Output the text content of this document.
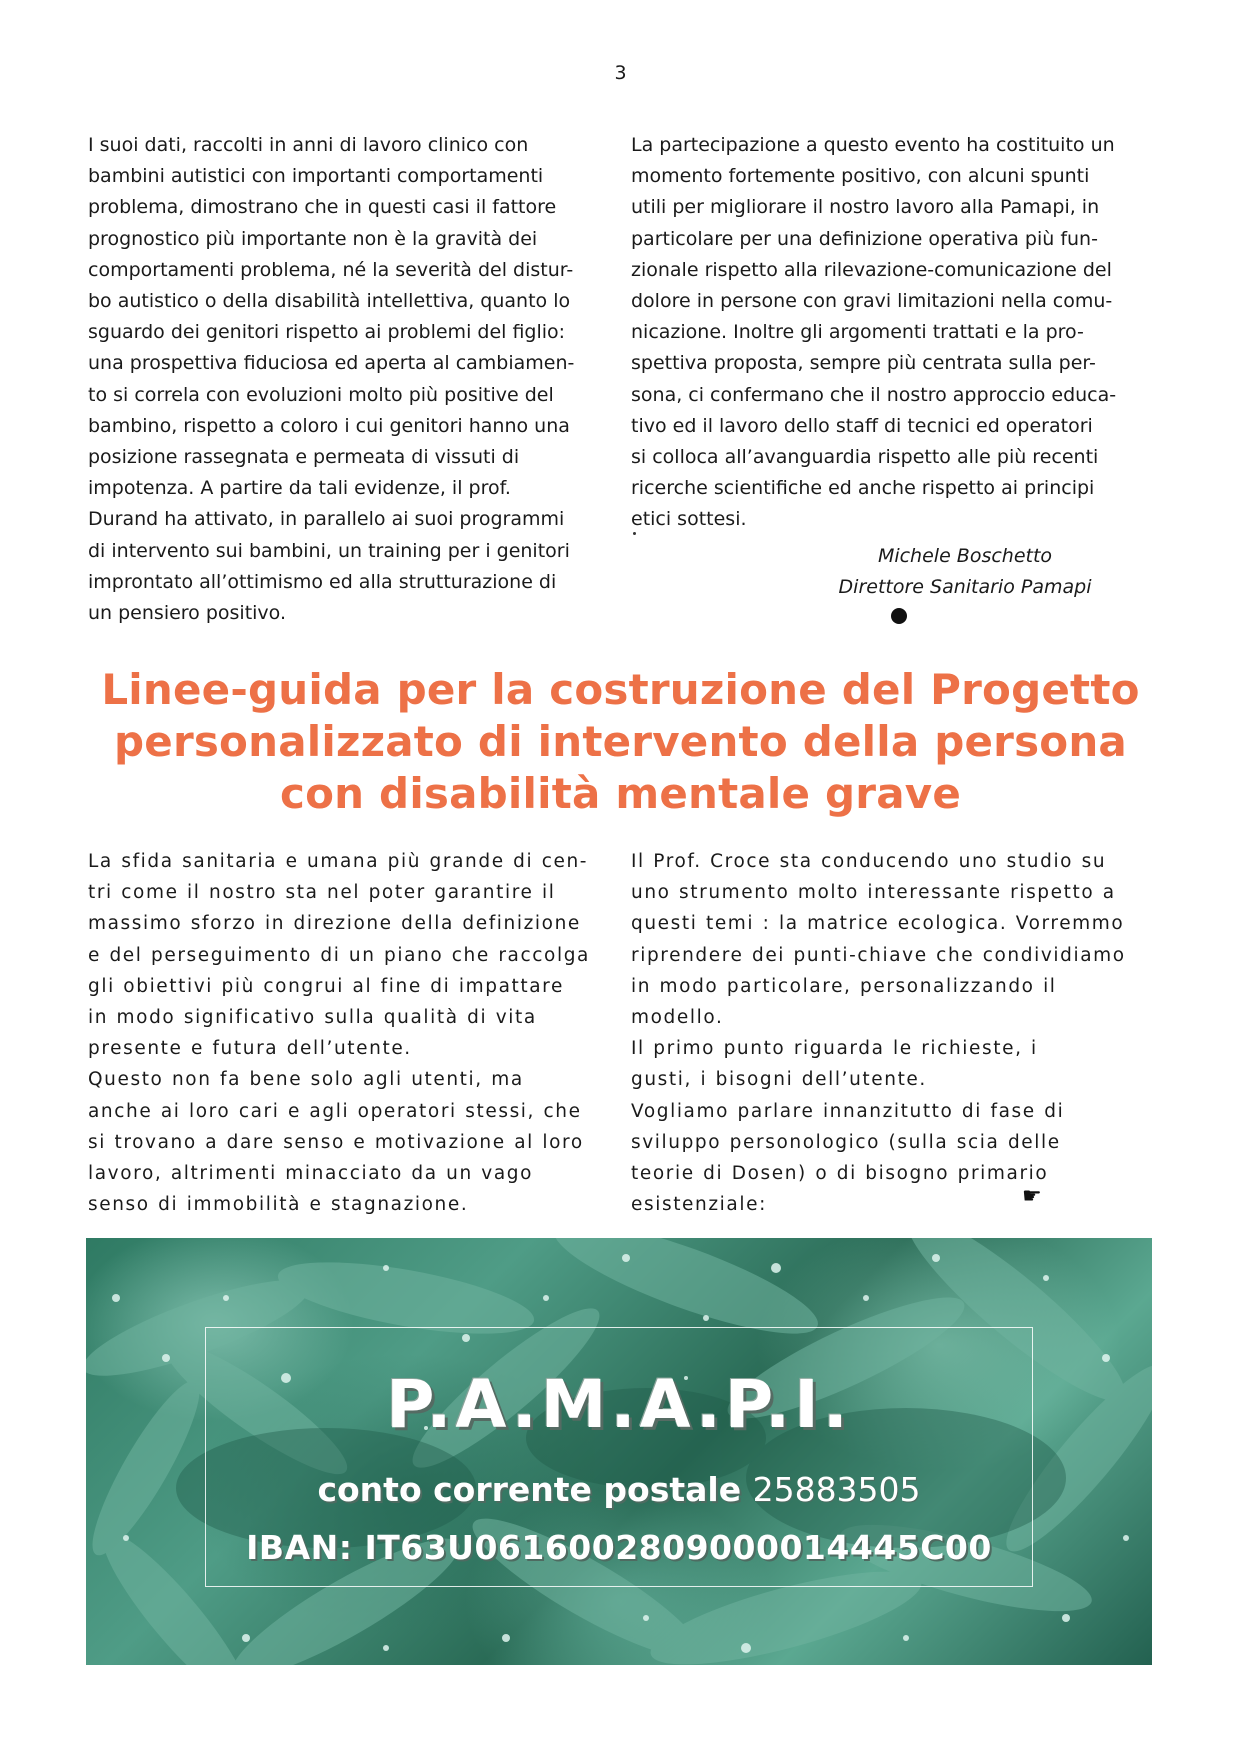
3
I suoi dati, raccolti in anni di lavoro clinico con
bambini autistici con importanti comportamenti
problema, dimostrano che in questi casi il fattore
prognostico più importante non è la gravità dei
comportamenti problema, né la severità del distur-
bo autistico o della disabilità intellettiva, quanto lo
sguardo dei genitori rispetto ai problemi del figlio:
una prospettiva fiduciosa ed aperta al cambiamen-
to si correla con evoluzioni molto più positive del
bambino, rispetto a coloro i cui genitori hanno una
posizione rassegnata e permeata di vissuti di
impotenza. A partire da tali evidenze, il prof.
Durand ha attivato, in parallelo ai suoi programmi
di intervento sui bambini, un training per i genitori
improntato all’ottimismo ed alla strutturazione di
un pensiero positivo.
La partecipazione a questo evento ha costituito un
momento fortemente positivo, con alcuni spunti
utili per migliorare il nostro lavoro alla Pamapi, in
particolare per una definizione operativa più fun-
zionale rispetto alla rilevazione-comunicazione del
dolore in persone con gravi limitazioni nella comu-
nicazione. Inoltre gli argomenti trattati e la pro-
spettiva proposta, sempre più centrata sulla per-
sona, ci confermano che il nostro approccio educa-
tivo ed il lavoro dello staff di tecnici ed operatori
si colloca all’avanguardia rispetto alle più recenti
ricerche scientifiche ed anche rispetto ai principi
etici sottesi.
Michele Boschetto
Direttore Sanitario Pamapi
Linee-guida per la costruzione del Progetto
personalizzato di intervento della persona
con disabilità mentale grave
La sfida sanitaria e umana più grande di cen-
tri come il nostro sta nel poter garantire il
massimo sforzo in direzione della definizione
e del perseguimento di un piano che raccolga
gli obiettivi più congrui al fine di impattare
in modo significativo sulla qualità di vita
presente e futura dell’utente.
Questo non fa bene solo agli utenti, ma
anche ai loro cari e agli operatori stessi, che
si trovano a dare senso e motivazione al loro
lavoro, altrimenti minacciato da un vago
senso di immobilità e stagnazione.
Il Prof. Croce sta conducendo uno studio su
uno strumento molto interessante rispetto a
questi temi : la matrice ecologica. Vorremmo
riprendere dei punti-chiave che condividiamo
in modo particolare, personalizzando il
modello.
Il primo punto riguarda le richieste, i
gusti, i bisogni dell’utente.
Vogliamo parlare innanzitutto di fase di
sviluppo personologico (sulla scia delle
teorie di Dosen) o di bisogno primario
esistenziale:	☛
P.A.M.A.P.I.
conto corrente postale 25883505
IBAN: IT63U0616002809000014445C00
